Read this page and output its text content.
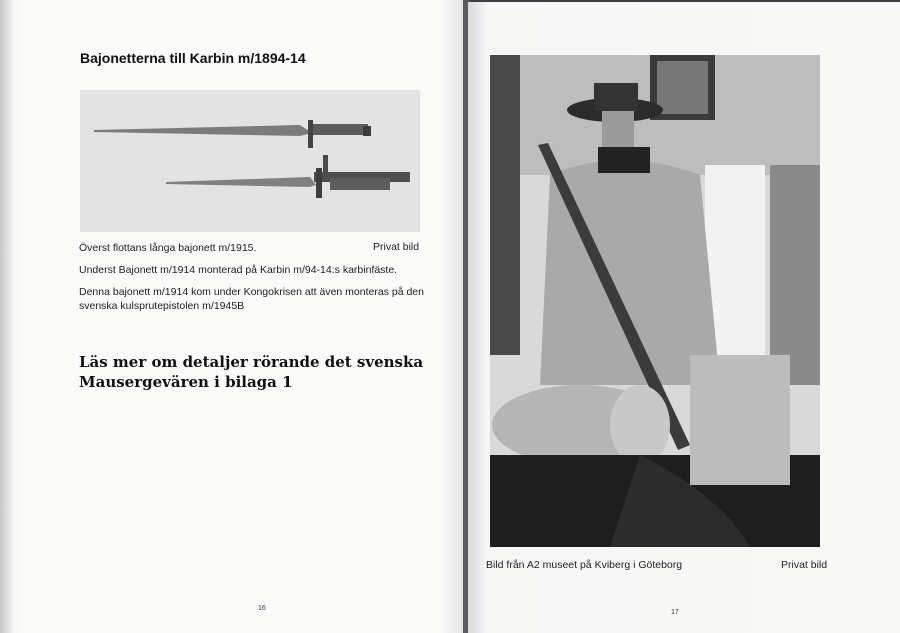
Bajonetterna till Karbin m/1894-14
Överst flottans långa bajonett m/1915.	Privat bild
Underst Bajonett m/1914 monterad på Karbin m/94-14:s karbinfäste.
Denna bajonett m/1914 kom under Kongokrisen att även monteras på den svenska kulsprutepistolen m/1945B
Läs mer om detaljer rörande det svenska Mausergevären i bilaga 1
16
Bild från A2 museet på Kviberg i Göteborg	Privat bild
17
